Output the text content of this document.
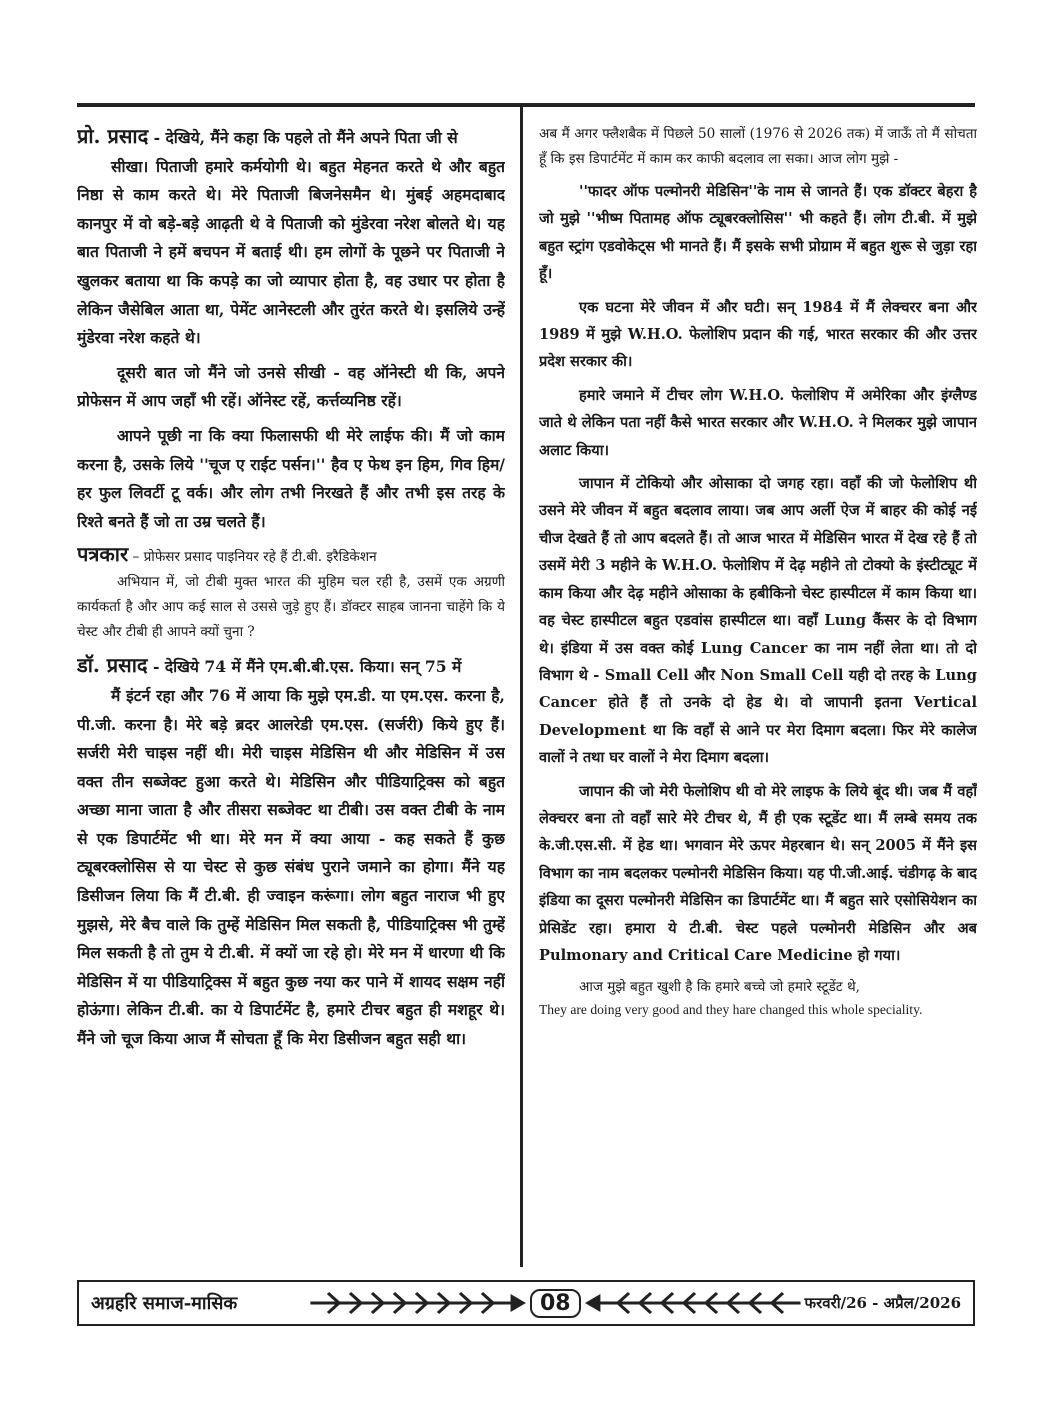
प्रो. प्रसाद - देखिये, मैंने कहा कि पहले तो मैंने अपने पिता जी से

सीखा। पिताजी हमारे कर्मयोगी थे। बहुत मेहनत करते थे और बहुत निष्ठा से काम करते थे। मेरे पिताजी बिजनेसमैन थे। मुंबई अहमदाबाद कानपुर में वो बड़े-बड़े आढ़ती थे वे पिताजी को मुंडेरवा नरेश बोलते थे। यह बात पिताजी ने हमें बचपन में बताई थी। हम लोगों के पूछने पर पिताजी ने खुलकर बताया था कि कपड़े का जो व्यापार होता है, वह उधार पर होता है लेकिन जैसेबिल आता था, पेमेंट आनेस्टली और तुरंत करते थे। इसलिये उन्हें मुंडेरवा नरेश कहते थे।

दूसरी बात जो मैंने जो उनसे सीखी - वह ऑनेस्टी थी कि, अपने प्रोफेसन में आप जहाँ भी रहें। ऑनेस्ट रहें, कर्त्तव्यनिष्ठ रहें।

आपने पूछी ना कि क्या फिलासफी थी मेरे लाईफ की। मैं जो काम करना है, उसके लिये ''चूज ए राईट पर्सन।'' हैव ए फेथ इन हिम, गिव हिम/हर फुल लिवर्टी टू वर्क। और लोग तभी निरखते हैं और तभी इस तरह के रिश्ते बनते हैं जो ता उम्र चलते हैं।

पत्रकार – प्रोफेसर प्रसाद पाइनियर रहे हैं टी.बी. इरैडिकेशन

अभियान में, जो टीबी मुक्त भारत की मुहिम चल रही है, उसमें एक अग्रणी कार्यकर्ता है और आप कई साल से उससे जुड़े हुए हैं। डॉक्टर साहब जानना चाहेंगे कि ये चेस्ट और टीबी ही आपने क्यों चुना ?

डॉ. प्रसाद - देखिये 74 में मैंने एम.बी.बी.एस. किया। सन् 75 में

मैं इंटर्न रहा और 76 में आया कि मुझे एम.डी. या एम.एस. करना है, पी.जी. करना है। मेरे बड़े ब्रदर आलरेडी एम.एस. (सर्जरी) किये हुए हैं। सर्जरी मेरी चाइस नहीं थी। मेरी चाइस मेडिसिन थी और मेडिसिन में उस वक्त तीन सब्जेक्ट हुआ करते थे। मेडिसिन और पीडियाट्रिक्स को बहुत अच्छा माना जाता है और तीसरा सब्जेक्ट था टीबी। उस वक्त टीबी के नाम से एक डिपार्टमेंट भी था। मेरे मन में क्या आया - कह सकते हैं कुछ ट्यूबरक्लोसिस से या चेस्ट से कुछ संबंध पुराने जमाने का होगा। मैंने यह डिसीजन लिया कि मैं टी.बी. ही ज्वाइन करूंगा। लोग बहुत नाराज भी हुए मुझसे, मेरे बैच वाले कि तुम्हें मेडिसिन मिल सकती है, पीडियाट्रिक्स भी तुम्हें मिल सकती है तो तुम ये टी.बी. में क्यों जा रहे हो। मेरे मन में धारणा थी कि मेडिसिन में या पीडियाट्रिक्स में बहुत कुछ नया कर पाने में शायद सक्षम नहीं होऊंगा। लेकिन टी.बी. का ये डिपार्टमेंट है, हमारे टीचर बहुत ही मशहूर थे। मैंने जो चूज किया आज मैं सोचता हूँ कि मेरा डिसीजन बहुत सही था।

अब मैं अगर फ्लैशबैक में पिछले 50 सालों (1976 से 2026 तक) में जाऊँ तो मैं सोचता हूँ कि इस डिपार्टमेंट में काम कर काफी बदलाव ला सका। आज लोग मुझे -

''फादर ऑफ पल्मोनरी मेडिसिन''के नाम से जानते हैं। एक डॉक्टर बेहरा है जो मुझे ''भीष्म पितामह ऑफ ट्यूबरक्लोसिस'' भी कहते हैं। लोग टी.बी. में मुझे बहुत स्ट्रांग एडवोकेट्स भी मानते हैं। मैं इसके सभी प्रोग्राम में बहुत शुरू से जुड़ा रहा हूँ।

एक घटना मेरे जीवन में और घटी। सन् 1984 में मैं लेक्चरर बना और 1989 में मुझे W.H.O. फेलोशिप प्रदान की गई, भारत सरकार की और उत्तर प्रदेश सरकार की।

हमारे जमाने में टीचर लोग W.H.O. फेलोशिप में अमेरिका और इंग्लैण्ड जाते थे लेकिन पता नहीं कैसे भारत सरकार और W.H.O. ने मिलकर मुझे जापान अलाट किया।

जापान में टोकियो और ओसाका दो जगह रहा। वहाँ की जो फेलोशिप थी उसने मेरे जीवन में बहुत बदलाव लाया। जब आप अर्ली ऐज में बाहर की कोई नई चीज देखते हैं तो आप बदलते हैं। तो आज भारत में मेडिसिन भारत में देख रहे हैं तो उसमें मेरी 3 महीने के W.H.O. फेलोशिप में देढ़ महीने तो टोक्यो के इंस्टीट्यूट में काम किया और देढ़ महीने ओसाका के हबीकिनो चेस्ट हास्पीटल में काम किया था। वह चेस्ट हास्पीटल बहुत एडवांस हास्पीटल था। वहाँ Lung कैंसर के दो विभाग थे। इंडिया में उस वक्त कोई Lung Cancer का नाम नहीं लेता था। तो दो विभाग थे - Small Cell और Non Small Cell यही दो तरह के Lung Cancer होते हैं तो उनके दो हेड थे। वो जापानी इतना Vertical Development था कि वहाँ से आने पर मेरा दिमाग बदला। फिर मेरे कालेज वालों ने तथा घर वालों ने मेरा दिमाग बदला।

जापान की जो मेरी फेलोशिप थी वो मेरे लाइफ के लिये बूंद थी। जब मैं वहाँ लेक्चरर बना तो वहाँ सारे मेरे टीचर थे, मैं ही एक स्टूडेंट था। मैं लम्बे समय तक के.जी.एस.सी. में हेड था। भगवान मेरे ऊपर मेहरबान थे। सन् 2005 में मैंने इस विभाग का नाम बदलकर पल्मोनरी मेडिसिन किया। यह पी.जी.आई. चंडीगढ़ के बाद इंडिया का दूसरा पल्मोनरी मेडिसिन का डिपार्टमेंट था। मैं बहुत सारे एसोसियेशन का प्रेसिडेंट रहा। हमारा ये टी.बी. चेस्ट पहले पल्मोनरी मेडिसिन और अब Pulmonary and Critical Care Medicine हो गया।

आज मुझे बहुत खुशी है कि हमारे बच्चे जो हमारे स्टूडेंट थे,

They are doing very good and they hare changed this whole speciality.

अग्रहरि समाज-मासिक	08	फरवरी/26 - अप्रैल/2026
